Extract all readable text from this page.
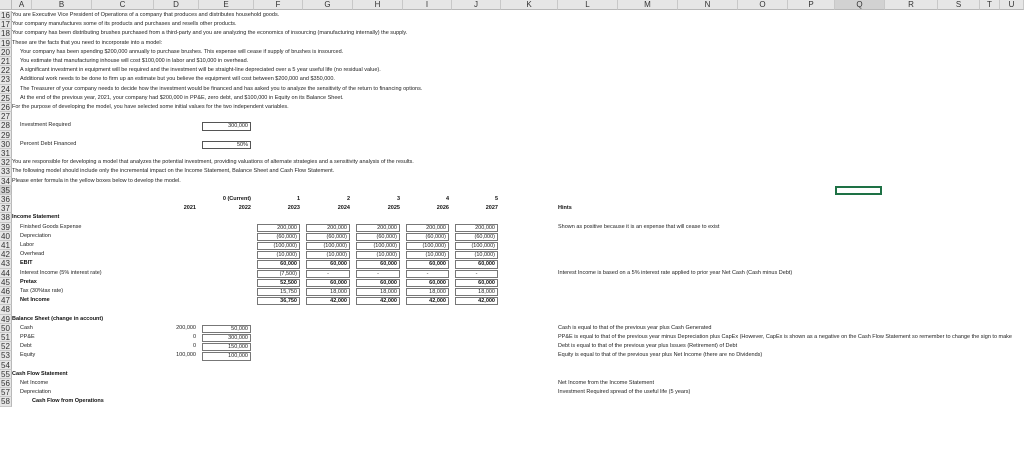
A	B	C	D	E	F	G	H	I	J	K	L	M	N	O	P	Q	R	S	T	U
16 You are Executive Vice President of Operations of a company that produces and distributes household goods.
17 Your company manufactures some of its products and purchases and resells other products.
18 Your company has been distributing brushes purchased from a third-party and you are analyzing the economics of insourcing (manufacturing internally) the supply.
19 These are the facts that you need to incorporate into a model:
20	Your company has been spending $200,000 annually to purchase brushes. This expense will cease if supply of brushes is insourced.
21	You estimate that manufacturing inhouse will cost $100,000 in labor and $10,000 in overhead.
22	A significant investment in equipment will be required and the investment will be straight-line depreciated over a 5 year useful life (no residual value).
23	Additional work needs to be done to firm up an estimate but you believe the equipment will cost between $200,000 and $350,000.
24	The Treasurer of your company needs to decide how the investment would be financed and has asked you to analyze the sensitivity of the return to financing options.
25	At the end of the previous year, 2021, your company had $200,000 in PP&E, zero debt, and $100,000 in Equity on its Balance Sheet.
26 For the purpose of developing the model, you have selected some initial values for the two independent variables.
27
28	Investment Required	300,000
29
30	Percent Debt Financed	50%
31
32 You are responsible for developing a model that analyzes the potential investment, providing valuations of alternate strategies and a sensitivity analysis of the results.
33 The following model should include only the incremental impact on the Income Statement, Balance Sheet and Cash Flow Statement.
34 Please enter formula in the yellow boxes below to develop the model.
35
36	0 (Current)	1	2	3	4	5
37	2021	2022	2023	2024	2025	2026	2027	Hints
38 Income Statement
39	Finished Goods Expense	200,000	200,000	200,000	200,000	200,000	Shown as positive because it is an expense that will cease to exist
40	Depreciation	(60,000)	(60,000)	(60,000)	(60,000)	(60,000)
41	Labor	(100,000)	(100,000)	(100,000)	(100,000)	(100,000)
42	Overhead	(10,000)	(10,000)	(10,000)	(10,000)	(10,000)
43	EBIT	60,000	60,000	60,000	60,000	60,000
44	Interest Income (5% interest rate)	(7,500)	-	-	-	-	Interest Income is based on a 5% interest rate applied to prior year Net Cash (Cash minus Debt)
45	Pretax	52,500	60,000	60,000	60,000	60,000
46	Tax (30%tax rate)	15,750	18,000	18,000	18,000	18,000
47	Net Income	36,750	42,000	42,000	42,000	42,000
48
49 Balance Sheet (change in account)
50	Cash	200,000	50,000	Cash is equal to that of the previous year plus Cash Generated
51	PP&E	0	300,000	PP&E is equal to that of the previous year minus Depreciation plus CapEx (However, CapEx is shown as a negative on the Cash Flow Statement so remember to change the sign to make
52	Debt	0	150,000	Debt is equal to that of the previous year plus Issues (Retirement) of Debt
53	Equity	100,000	100,000	Equity is equal to that of the previous year plus Net Income (there are no Dividends)
54
55 Cash Flow Statement
56	Net Income	Net Income from the Income Statement
57	Depreciation	Investment Required spread of the useful life (5 years)
58	Cash Flow from Operations
